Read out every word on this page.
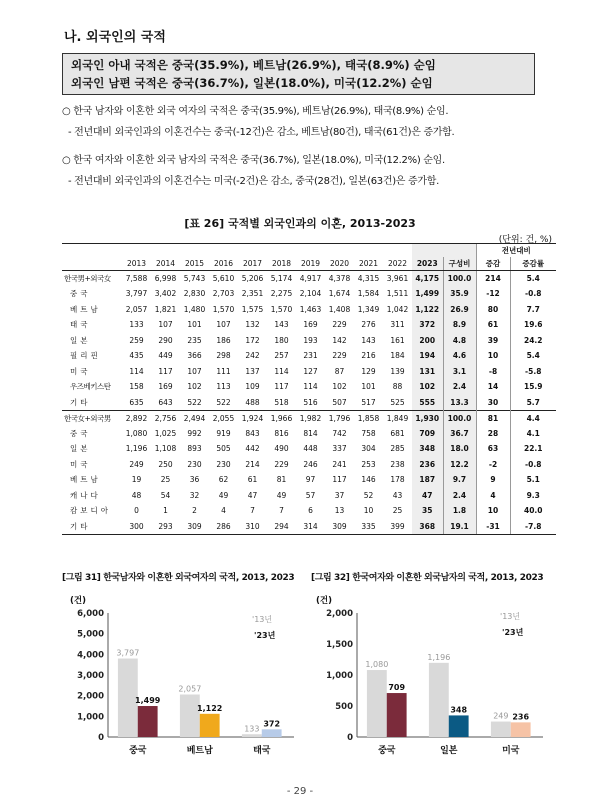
나. 외국인의 국적
외국인 아내 국적은 중국(35.9%), 베트남(26.9%), 태국(8.9%) 순임
외국인 남편 국적은 중국(36.7%), 일본(18.0%), 미국(12.2%) 순임
○ 한국 남자와 이혼한 외국 여자의 국적은 중국(35.9%), 베트남(26.9%), 태국(8.9%) 순임.
- 전년대비 외국인과의 이혼건수는 중국(-12건)은 감소, 베트남(80건), 태국(61건)은 증가함.
○ 한국 여자와 이혼한 외국 남자의 국적은 중국(36.7%), 일본(18.0%), 미국(12.2%) 순임.
- 전년대비 외국인과의 이혼건수는 미국(-2건)은 감소, 중국(28건), 일본(63건)은 증가함.
[표 26] 국적별 외국인과의 이혼, 2013-2023
(단위: 건, %)
													전년대비	
	2013	2014	2015	2016	2017	2018	2019	2020	2021	2022	2023	구성비	증감	증감률
한국男+외국女	7,588	6,998	5,743	5,610	5,206	5,174	4,917	4,378	4,315	3,961	4,175	100.0	214	5.4
중국	3,797	3,402	2,830	2,703	2,351	2,275	2,104	1,674	1,584	1,511	1,499	35.9	-12	-0.8
베트남	2,057	1,821	1,480	1,570	1,575	1,570	1,463	1,408	1,349	1,042	1,122	26.9	80	7.7
태국	133	107	101	107	132	143	169	229	276	311	372	8.9	61	19.6
일본	259	290	235	186	172	180	193	142	143	161	200	4.8	39	24.2
필리핀	435	449	366	298	242	257	231	229	216	184	194	4.6	10	5.4
미국	114	117	107	111	137	114	127	87	129	139	131	3.1	-8	-5.8
우즈베키스탄	158	169	102	113	109	117	114	102	101	88	102	2.4	14	15.9
기타	635	643	522	522	488	518	516	507	517	525	555	13.3	30	5.7
한국女+외국男	2,892	2,756	2,494	2,055	1,924	1,966	1,982	1,796	1,858	1,849	1,930	100.0	81	4.4
중국	1,080	1,025	992	919	843	816	814	742	758	681	709	36.7	28	4.1
일본	1,196	1,108	893	505	442	490	448	337	304	285	348	18.0	63	22.1
미국	249	250	230	230	214	229	246	241	253	238	236	12.2	-2	-0.8
베트남	19	25	36	62	61	81	97	117	146	178	187	9.7	9	5.1
캐나다	48	54	32	49	47	49	57	37	52	43	47	2.4	4	9.3
캄보디아	0	1	2	4	7	7	6	13	10	25	35	1.8	10	40.0
기타	300	293	309	286	310	294	314	309	335	399	368	19.1	-31	-7.8
[그림 31] 한국남자와 이혼한 외국여자의 국적, 2013, 2023 [그림 32] 한국여자와 이혼한 외국남자의 국적, 2013, 2023
(건)	(건)
0
1,000
2,000
3,000
4,000
5,000
6,000
3,797
1,499
중국
2,057
1,122
베트남
133
372
태국
0
500
1,000
1,500
2,000
1,080
709
중국
1,196
348
일본
249 236
미국
'13년
'23년
'13년
'23년
- 29 -
